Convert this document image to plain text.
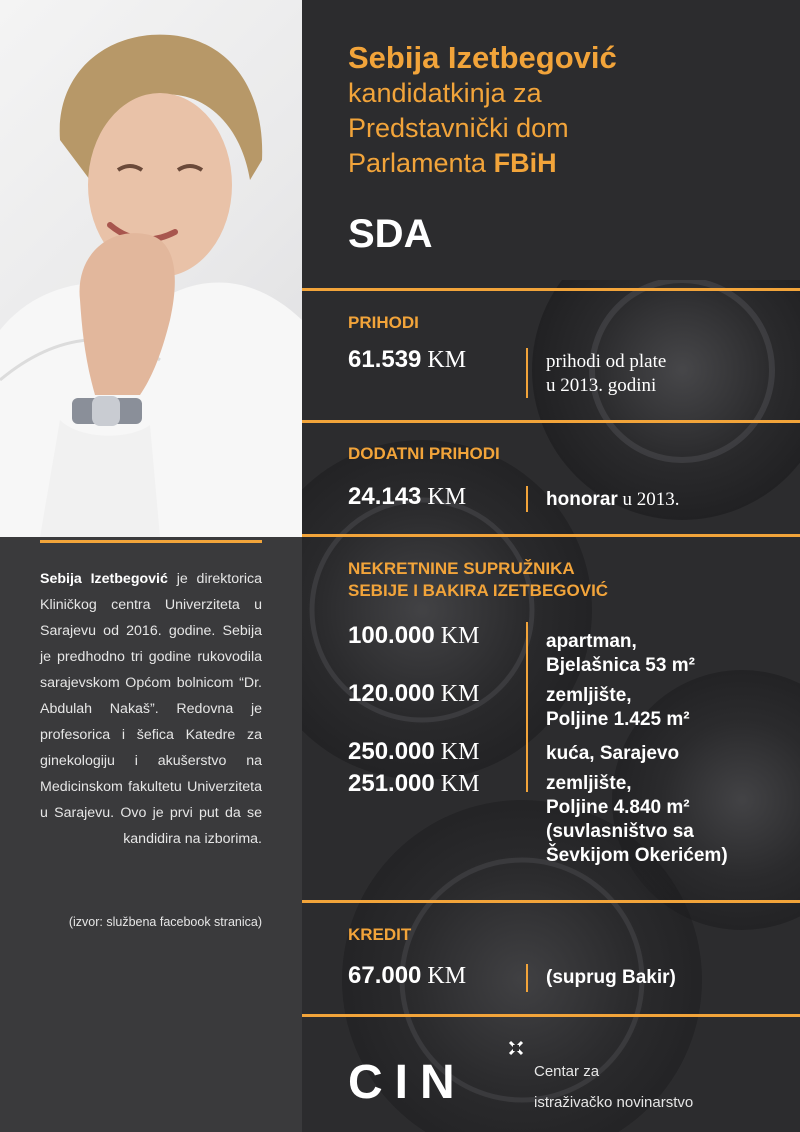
Sebija Izetbegović je direktorica Kliničkog centra Univerziteta u Sarajevu od 2016. godine. Sebija je predhodno tri godine rukovodila sarajevskom Općom bolnicom “Dr. Abdulah Nakaš”. Redovna je profesorica i šefica Katedre za ginekologiju i akušerstvo na Medicinskom fakultetu Univerziteta u Sarajevu. Ovo je prvi put da se kandidira na izborima.
(izvor: službena facebook stranica)
Sebija Izetbegović
kandidatkinja za
Predstavnički dom
Parlamenta FBiH
SDA
PRIHODI
61.539 KM	prihodi od plate
u 2013. godini
DODATNI PRIHODI
24.143 KM	honorar u 2013.
NEKRETNINE SUPRUŽNIKA
SEBIJE I BAKIRA IZETBEGOVIĆ
100.000 KM	apartman,
Bjelašnica 53 m²
120.000 KM	zemljište,
Poljine 1.425 m²
250.000 KM	kuća, Sarajevo
251.000 KM	zemljište,
Poljine 4.840 m²
(suvlasništvo sa
Ševkijom Okerićem)
KREDIT
67.000 KM	(suprug Bakir)
CIN	Centar za
istraživačko novinarstvo
